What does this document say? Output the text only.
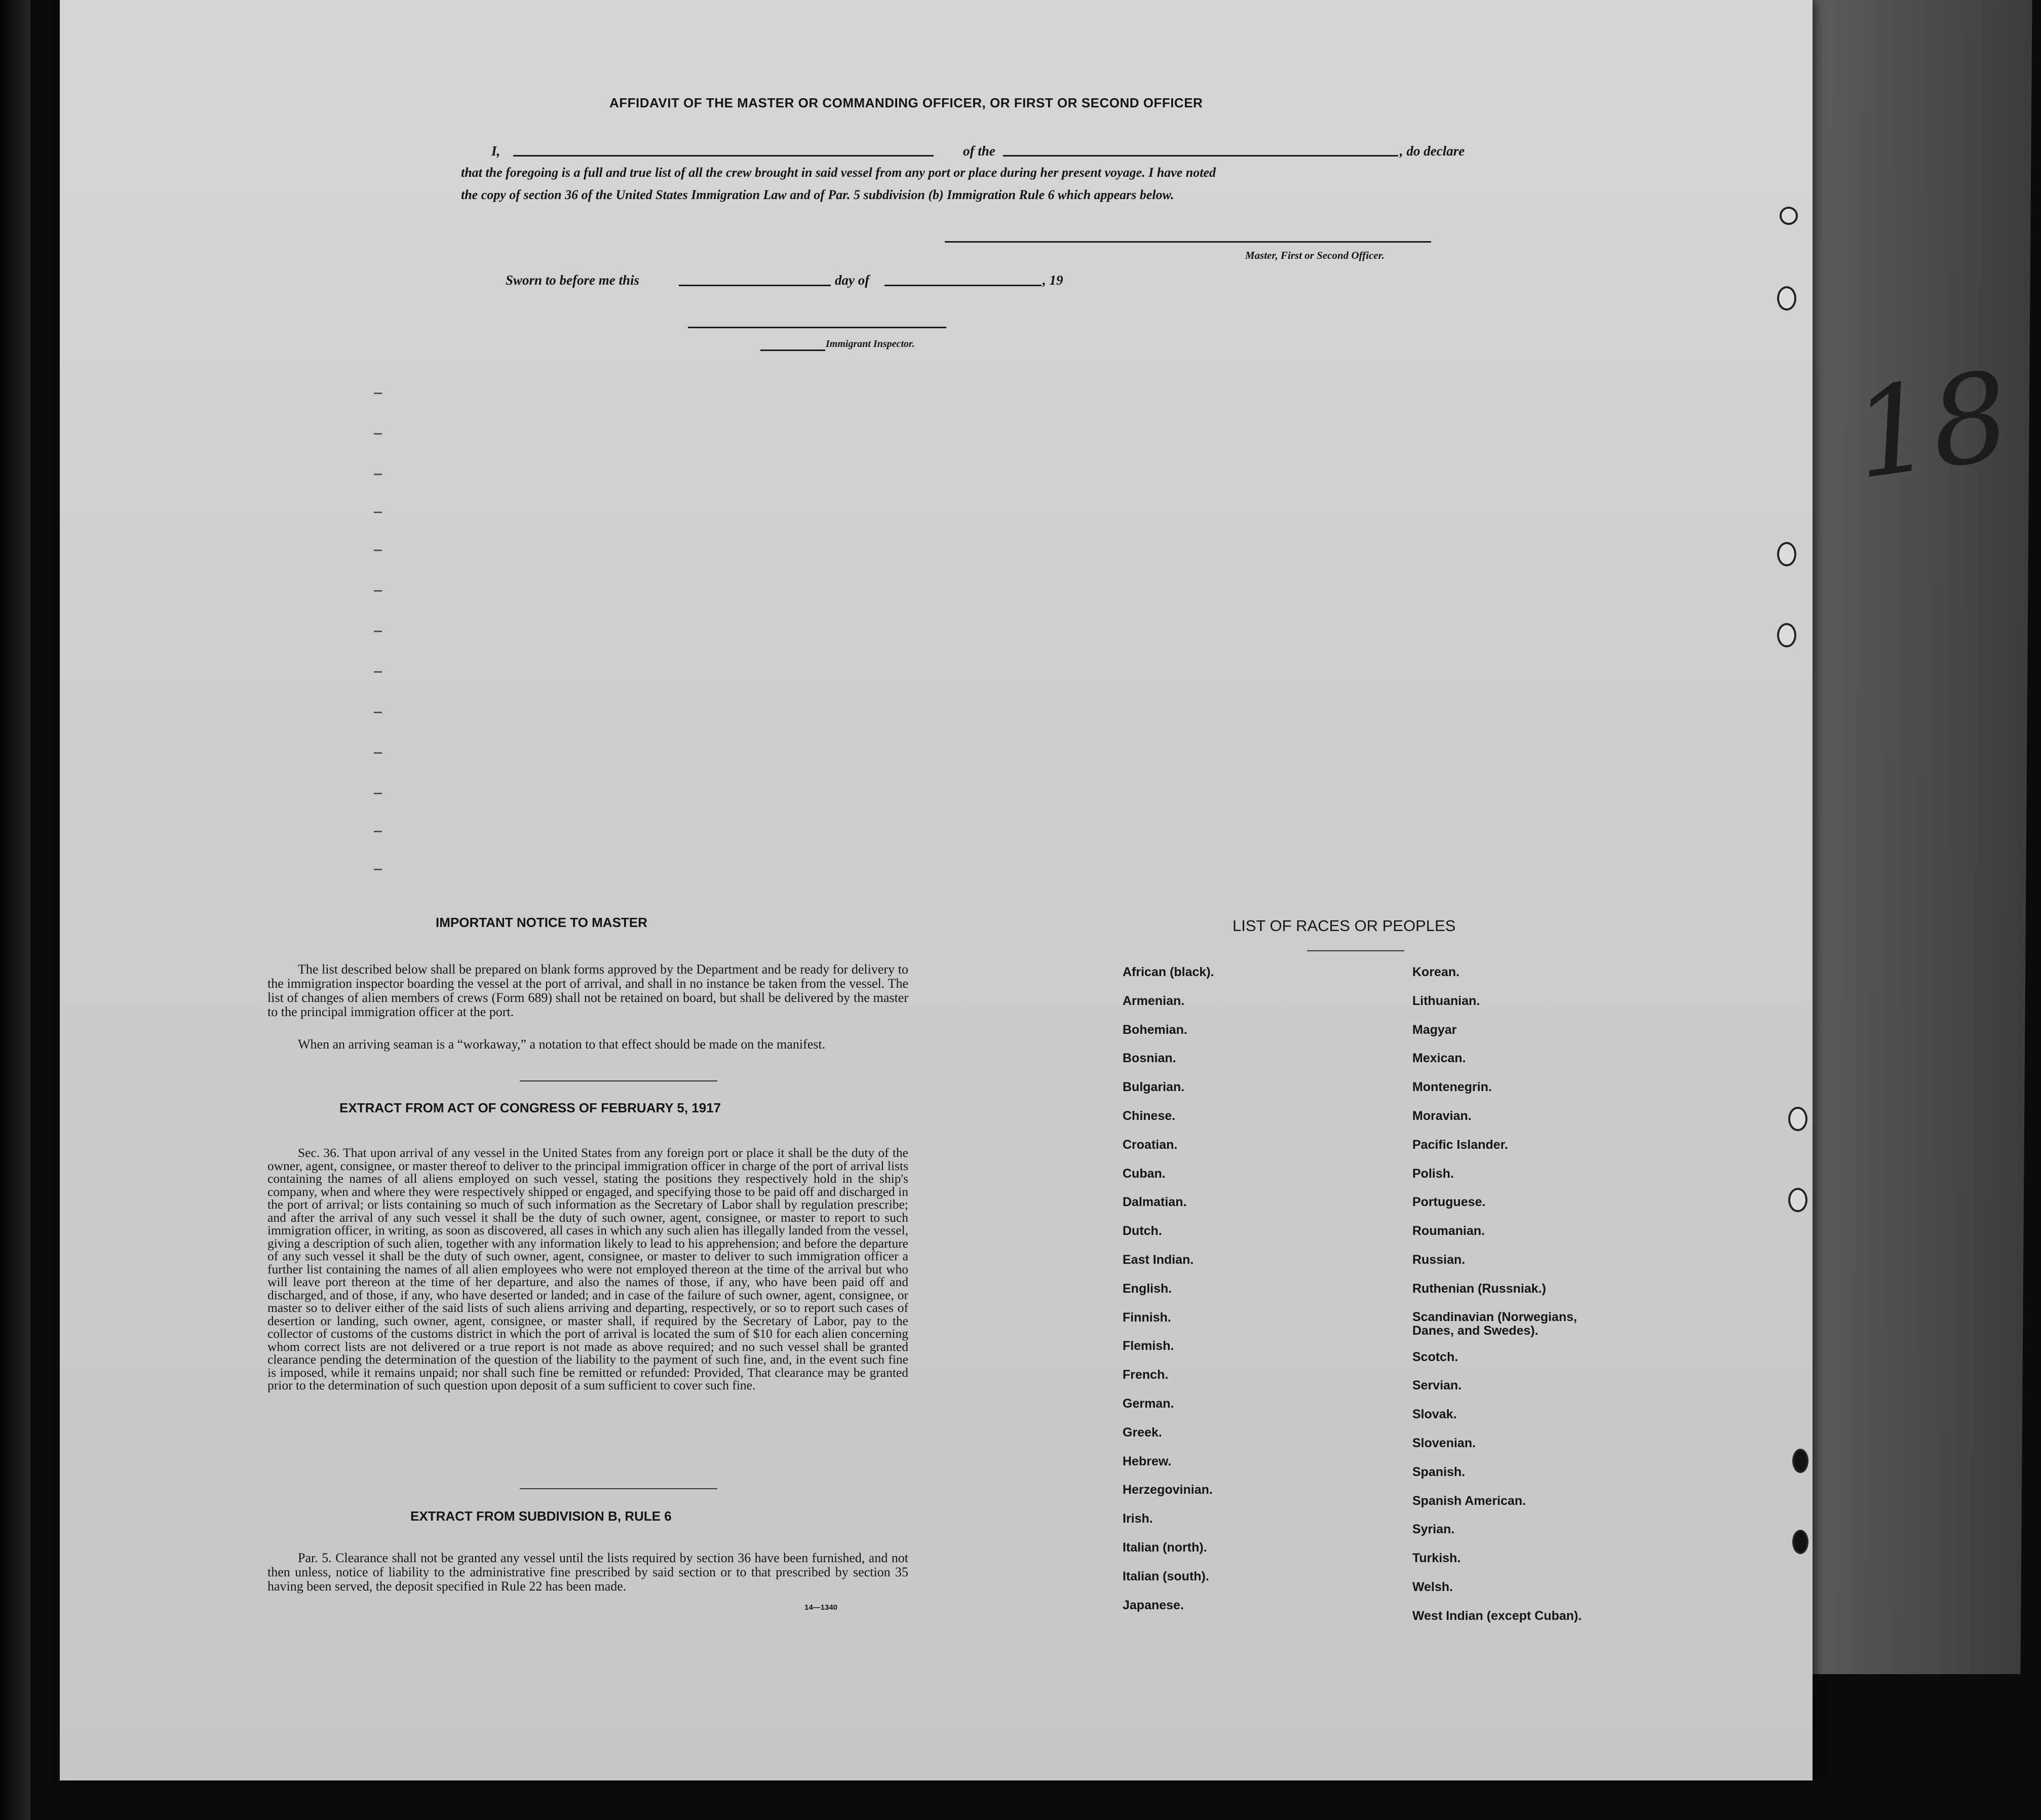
18
AFFIDAVIT OF THE MASTER OR COMMANDING OFFICER, OR FIRST OR SECOND OFFICER
I,	of the	, do declare
that the foregoing is a full and true list of all the crew brought in said vessel from any port or place during her present voyage. I have noted
the copy of section 36 of the United States Immigration Law and of Par. 5 subdivision (b) Immigration Rule 6 which appears below.
Master, First or Second Officer.
Sworn to before me this	day of	, 19
Immigrant Inspector.
IMPORTANT NOTICE TO MASTER
The list described below shall be prepared on blank forms approved by the Department and be ready for delivery to the immigration inspector boarding the vessel at the port of arrival, and shall in no instance be taken from the vessel. The list of changes of alien members of crews (Form 689) shall not be retained on board, but shall be delivered by the master to the principal immigration officer at the port.
When an arriving seaman is a “workaway,” a notation to that effect should be made on the manifest.
EXTRACT FROM ACT OF CONGRESS OF FEBRUARY 5, 1917
Sec. 36. That upon arrival of any vessel in the United States from any foreign port or place it shall be the duty of the owner, agent, consignee, or master thereof to deliver to the principal immigration officer in charge of the port of arrival lists containing the names of all aliens employed on such vessel, stating the positions they respectively hold in the ship's company, when and where they were respectively shipped or engaged, and specifying those to be paid off and discharged in the port of arrival; or lists containing so much of such information as the Secretary of Labor shall by regulation prescribe; and after the arrival of any such vessel it shall be the duty of such owner, agent, consignee, or master to report to such immigration officer, in writing, as soon as discovered, all cases in which any such alien has illegally landed from the vessel, giving a description of such alien, together with any information likely to lead to his apprehension; and before the departure of any such vessel it shall be the duty of such owner, agent, consignee, or master to deliver to such immigration officer a further list containing the names of all alien employees who were not employed thereon at the time of the arrival but who will leave port thereon at the time of her departure, and also the names of those, if any, who have been paid off and discharged, and of those, if any, who have deserted or landed; and in case of the failure of such owner, agent, consignee, or master so to deliver either of the said lists of such aliens arriving and departing, respectively, or so to report such cases of desertion or landing, such owner, agent, consignee, or master shall, if required by the Secretary of Labor, pay to the collector of customs of the customs district in which the port of arrival is located the sum of $10 for each alien concerning whom correct lists are not delivered or a true report is not made as above required; and no such vessel shall be granted clearance pending the determination of the question of the liability to the payment of such fine, and, in the event such fine is imposed, while it remains unpaid; nor shall such fine be remitted or refunded: Provided, That clearance may be granted prior to the determination of such question upon deposit of a sum sufficient to cover such fine.
EXTRACT FROM SUBDIVISION B, RULE 6
Par. 5. Clearance shall not be granted any vessel until the lists required by section 36 have been furnished, and not then unless, notice of liability to the administrative fine prescribed by said section or to that prescribed by section 35 having been served, the deposit specified in Rule 22 has been made.
14—1340
LIST OF RACES OR PEOPLES
African (black).
Armenian.
Bohemian.
Bosnian.
Bulgarian.
Chinese.
Croatian.
Cuban.
Dalmatian.
Dutch.
East Indian.
English.
Finnish.
Flemish.
French.
German.
Greek.
Hebrew.
Herzegovinian.
Irish.
Italian (north).
Italian (south).
Japanese.
Korean.
Lithuanian.
Magyar
Mexican.
Montenegrin.
Moravian.
Pacific Islander.
Polish.
Portuguese.
Roumanian.
Russian.
Ruthenian (Russniak.)
Scandinavian (Norwegians, Danes, and Swedes).
Scotch.
Servian.
Slovak.
Slovenian.
Spanish.
Spanish American.
Syrian.
Turkish.
Welsh.
West Indian (except Cuban).
